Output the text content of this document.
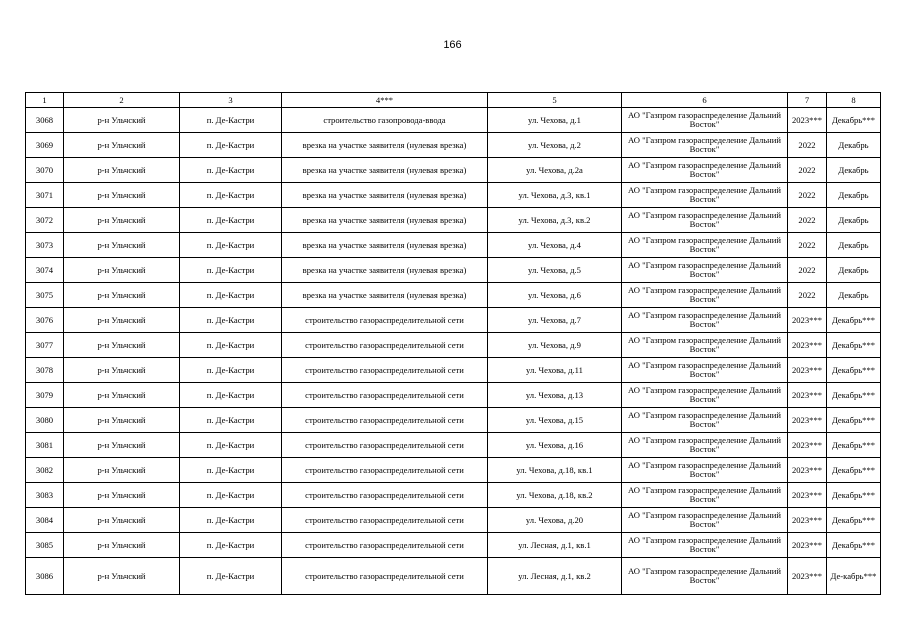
166
1	2	3	4***	5	6	7	8
3068	р-н Ульчский	п. Де-Кастри	строительство газопровода-ввода	ул. Чехова, д.1	АО "Газпром газораспределение Дальний Восток"	2023***	Декабрь***
3069	р-н Ульчский	п. Де-Кастри	врезка на участке заявителя (нулевая врезка)	ул. Чехова, д.2	АО "Газпром газораспределение Дальний Восток"	2022	Декабрь
3070	р-н Ульчский	п. Де-Кастри	врезка на участке заявителя (нулевая врезка)	ул. Чехова, д.2а	АО "Газпром газораспределение Дальний Восток"	2022	Декабрь
3071	р-н Ульчский	п. Де-Кастри	врезка на участке заявителя (нулевая врезка)	ул. Чехова, д.3, кв.1	АО "Газпром газораспределение Дальний Восток"	2022	Декабрь
3072	р-н Ульчский	п. Де-Кастри	врезка на участке заявителя (нулевая врезка)	ул. Чехова, д.3, кв.2	АО "Газпром газораспределение Дальний Восток"	2022	Декабрь
3073	р-н Ульчский	п. Де-Кастри	врезка на участке заявителя (нулевая врезка)	ул. Чехова, д.4	АО "Газпром газораспределение Дальний Восток"	2022	Декабрь
3074	р-н Ульчский	п. Де-Кастри	врезка на участке заявителя (нулевая врезка)	ул. Чехова, д.5	АО "Газпром газораспределение Дальний Восток"	2022	Декабрь
3075	р-н Ульчский	п. Де-Кастри	врезка на участке заявителя (нулевая врезка)	ул. Чехова, д.6	АО "Газпром газораспределение Дальний Восток"	2022	Декабрь
3076	р-н Ульчский	п. Де-Кастри	строительство газораспределительной сети	ул. Чехова, д.7	АО "Газпром газораспределение Дальний Восток"	2023***	Декабрь***
3077	р-н Ульчский	п. Де-Кастри	строительство газораспределительной сети	ул. Чехова, д.9	АО "Газпром газораспределение Дальний Восток"	2023***	Декабрь***
3078	р-н Ульчский	п. Де-Кастри	строительство газораспределительной сети	ул. Чехова, д.11	АО "Газпром газораспределение Дальний Восток"	2023***	Декабрь***
3079	р-н Ульчский	п. Де-Кастри	строительство газораспределительной сети	ул. Чехова, д.13	АО "Газпром газораспределение Дальний Восток"	2023***	Декабрь***
3080	р-н Ульчский	п. Де-Кастри	строительство газораспределительной сети	ул. Чехова, д.15	АО "Газпром газораспределение Дальний Восток"	2023***	Декабрь***
3081	р-н Ульчский	п. Де-Кастри	строительство газораспределительной сети	ул. Чехова, д.16	АО "Газпром газораспределение Дальний Восток"	2023***	Декабрь***
3082	р-н Ульчский	п. Де-Кастри	строительство газораспределительной сети	ул. Чехова, д.18, кв.1	АО "Газпром газораспределение Дальний Восток"	2023***	Декабрь***
3083	р-н Ульчский	п. Де-Кастри	строительство газораспределительной сети	ул. Чехова, д.18, кв.2	АО "Газпром газораспределение Дальний Восток"	2023***	Декабрь***
3084	р-н Ульчский	п. Де-Кастри	строительство газораспределительной сети	ул. Чехова, д.20	АО "Газпром газораспределение Дальний Восток"	2023***	Декабрь***
3085	р-н Ульчский	п. Де-Кастри	строительство газораспределительной сети	ул. Лесная, д.1, кв.1	АО "Газпром газораспределение Дальний Восток"	2023***	Декабрь***
3086	р-н Ульчский	п. Де-Кастри	строительство газораспределительной сети	ул. Лесная, д.1, кв.2	АО "Газпром газораспределение Дальний Восток"	2023***	Де-кабрь***
